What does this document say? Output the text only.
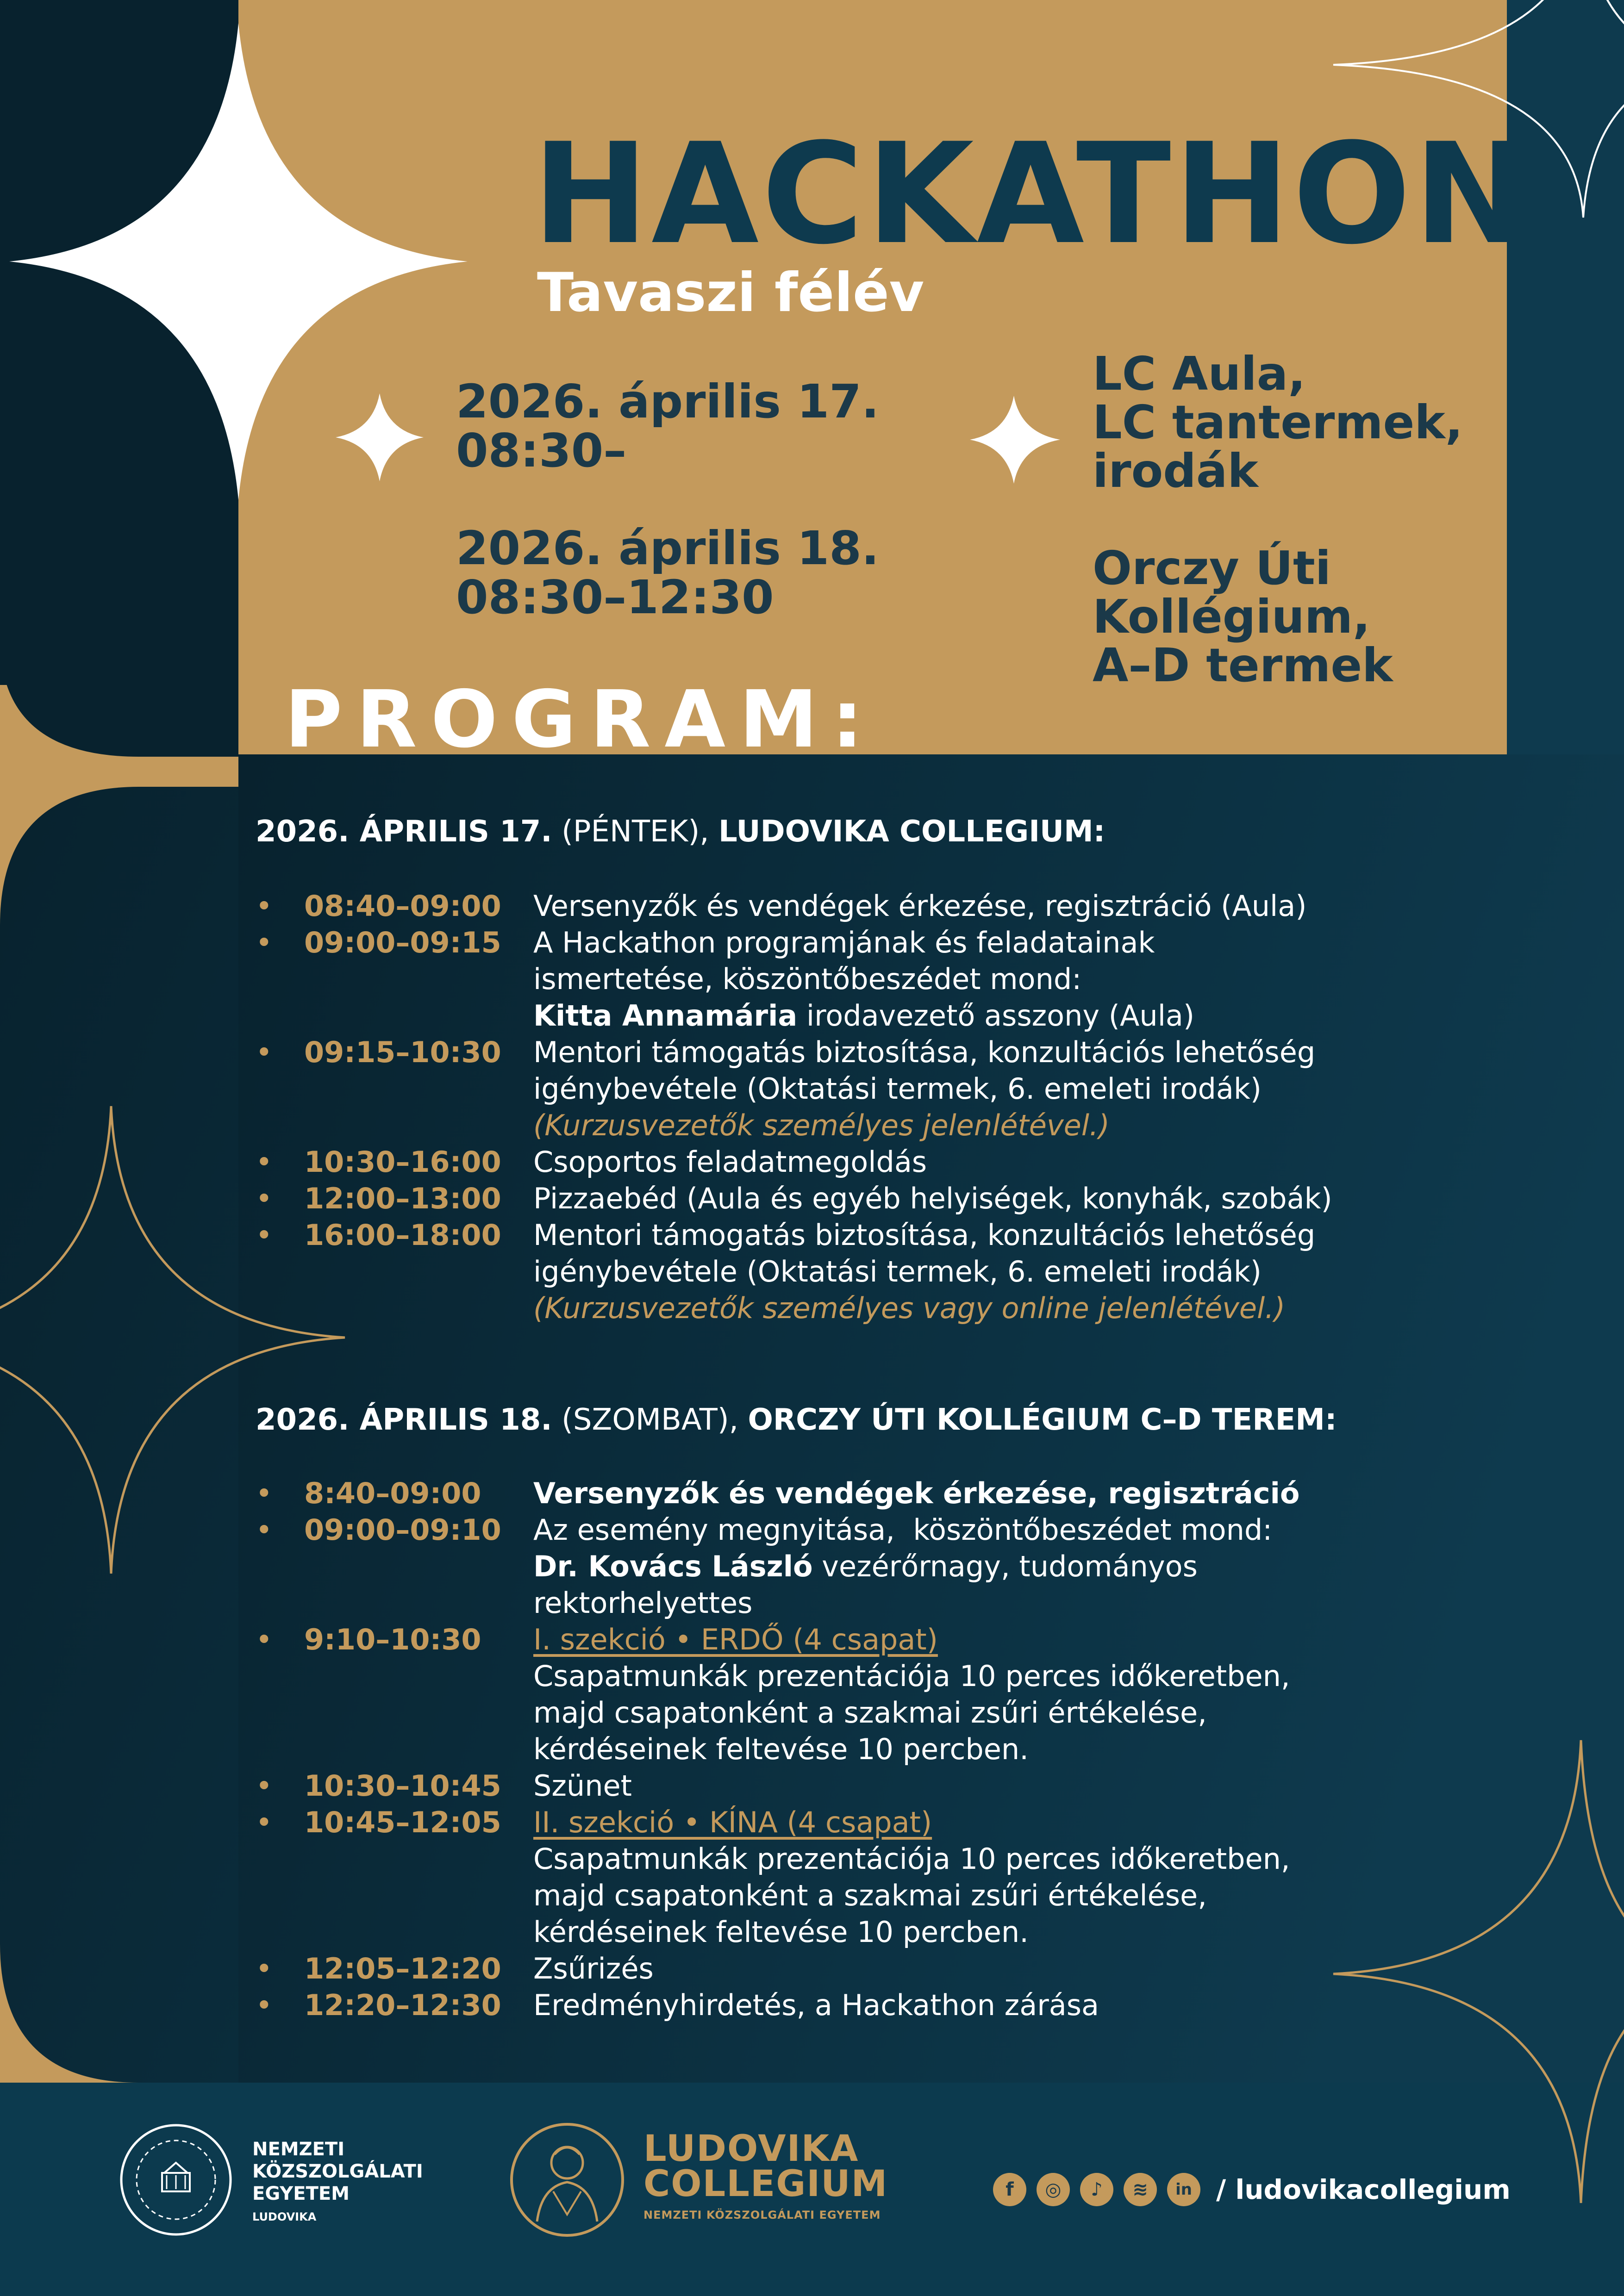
HACKATHON
Tavaszi félév
2026. április 17.
08:30–
2026. április 18.
08:30–12:30
LC Aula,
LC tantermek,
irodák
Orczy Úti
Kollégium,
A–D termek
PROGRAM:
2026. ÁPRILIS 17. (PÉNTEK), LUDOVIKA COLLEGIUM:
•	08:40–09:00	Versenyzők és vendégek érkezése, regisztráció (Aula)
•	09:00–09:15	A Hackathon programjának és feladatainak
ismertetése, köszöntőbeszédet mond:
Kitta Annamária irodavezető asszony (Aula)
•	09:15–10:30	Mentori támogatás biztosítása, konzultációs lehetőség
igénybevétele (Oktatási termek, 6. emeleti irodák)
(Kurzusvezetők személyes jelenlétével.)
•	10:30–16:00	Csoportos feladatmegoldás
•	12:00–13:00	Pizzaebéd (Aula és egyéb helyiségek, konyhák, szobák)
•	16:00–18:00	Mentori támogatás biztosítása, konzultációs lehetőség
igénybevétele (Oktatási termek, 6. emeleti irodák)
(Kurzusvezetők személyes vagy online jelenlétével.)
2026. ÁPRILIS 18. (SZOMBAT), ORCZY ÚTI KOLLÉGIUM C–D TEREM:
•	8:40–09:00	Versenyzők és vendégek érkezése, regisztráció
•	09:00–09:10	Az esemény megnyitása,  köszöntőbeszédet mond:
Dr. Kovács László vezérőrnagy, tudományos
rektorhelyettes
•	9:10–10:30	I. szekció • ERDŐ (4 csapat)
Csapatmunkák prezentációja 10 perces időkeretben,
majd csapatonként a szakmai zsűri értékelése,
kérdéseinek feltevése 10 percben.
•	10:30–10:45	Szünet
•	10:45–12:05	II. szekció • KÍNA (4 csapat)
Csapatmunkák prezentációja 10 perces időkeretben,
majd csapatonként a szakmai zsűri értékelése,
kérdéseinek feltevése 10 percben.
•	12:05–12:20	Zsűrizés
•	12:20–12:30	Eredményhirdetés, a Hackathon zárása
NEMZETI
KÖZSZOLGÁLATI
EGYETEM
LUDOVIKA
LUDOVIKA
COLLEGIUM
NEMZETI KÖZSZOLGÁLATI EGYETEM
f	◎	♪	≋	in / ludovikacollegium
